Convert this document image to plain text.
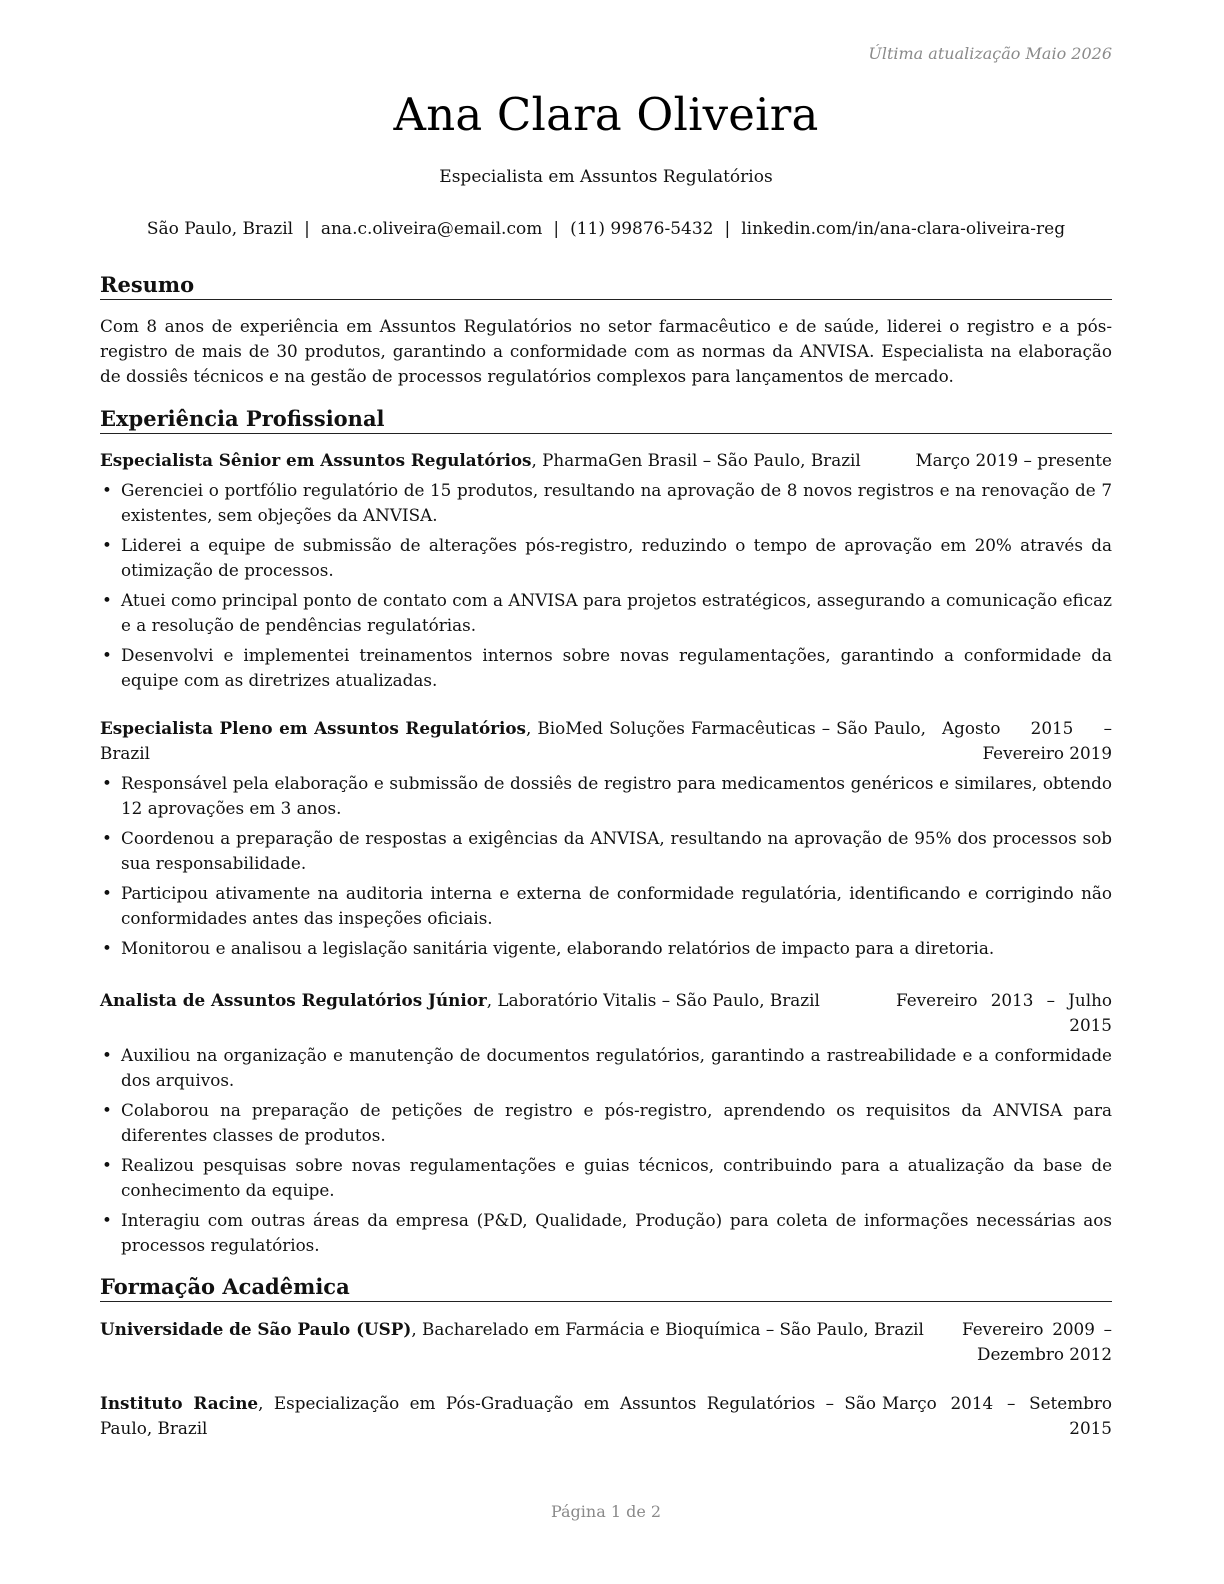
Última atualização Maio 2026
Ana Clara Oliveira
Especialista em Assuntos Regulatórios
São Paulo, Brazil | ana.c.oliveira@email.com | (11) 99876-5432 | linkedin.com/in/ana-clara-oliveira-reg
Resumo

Com 8 anos de experiência em Assuntos Regulatórios no setor farmacêutico e de saúde, liderei o registro e a pós-registro de mais de 30 produtos, garantindo a conformidade com as normas da ANVISA. Especialista na elaboração de dossiês técnicos e na gestão de processos regulatórios complexos para lançamentos de mercado.

Experiência Profissional
Especialista Sênior em Assuntos Regulatórios, PharmaGen Brasil – São Paulo, Brazil	Março 2019 – presente
• Gerenciei o portfólio regulatório de 15 produtos, resultando na aprovação de 8 novos registros e na renovação de 7 existentes, sem objeções da ANVISA.
• Liderei a equipe de submissão de alterações pós-registro, reduzindo o tempo de aprovação em 20% através da otimização de processos.
• Atuei como principal ponto de contato com a ANVISA para projetos estratégicos, assegurando a comunicação eficaz e a resolução de pendências regulatórias.
• Desenvolvi e implementei treinamentos internos sobre novas regulamentações, garantindo a conformidade da equipe com as diretrizes atualizadas.
Especialista Pleno em Assuntos Regulatórios, BioMed Soluções Farmacêuticas – São Paulo, Brazil
Agosto 2015 – Fevereiro 2019
• Responsável pela elaboração e submissão de dossiês de registro para medicamentos genéricos e similares, obtendo 12 aprovações em 3 anos.
• Coordenou a preparação de respostas a exigências da ANVISA, resultando na aprovação de 95% dos processos sob sua responsabilidade.
• Participou ativamente na auditoria interna e externa de conformidade regulatória, identificando e corrigindo não conformidades antes das inspeções oficiais.
• Monitorou e analisou a legislação sanitária vigente, elaborando relatórios de impacto para a diretoria.
Analista de Assuntos Regulatórios Júnior, Laboratório Vitalis – São Paulo, Brazil	Fevereiro 2013 – Julho 2015
• Auxiliou na organização e manutenção de documentos regulatórios, garantindo a rastreabilidade e a conformidade dos arquivos.
• Colaborou na preparação de petições de registro e pós-registro, aprendendo os requisitos da ANVISA para diferentes classes de produtos.
• Realizou pesquisas sobre novas regulamentações e guias técnicos, contribuindo para a atualização da base de conhecimento da equipe.
• Interagiu com outras áreas da empresa (P&D, Qualidade, Produção) para coleta de informações necessárias aos processos regulatórios.
Formação Acadêmica
Universidade de São Paulo (USP), Bacharelado em Farmácia e Bioquímica – São Paulo, Brazil	Fevereiro 2009 – Dezembro 2012
Instituto Racine, Especialização em Pós-Graduação em Assuntos Regulatórios – São Paulo, Brazil
Março 2014 – Setembro 2015
Página 1 de 2
